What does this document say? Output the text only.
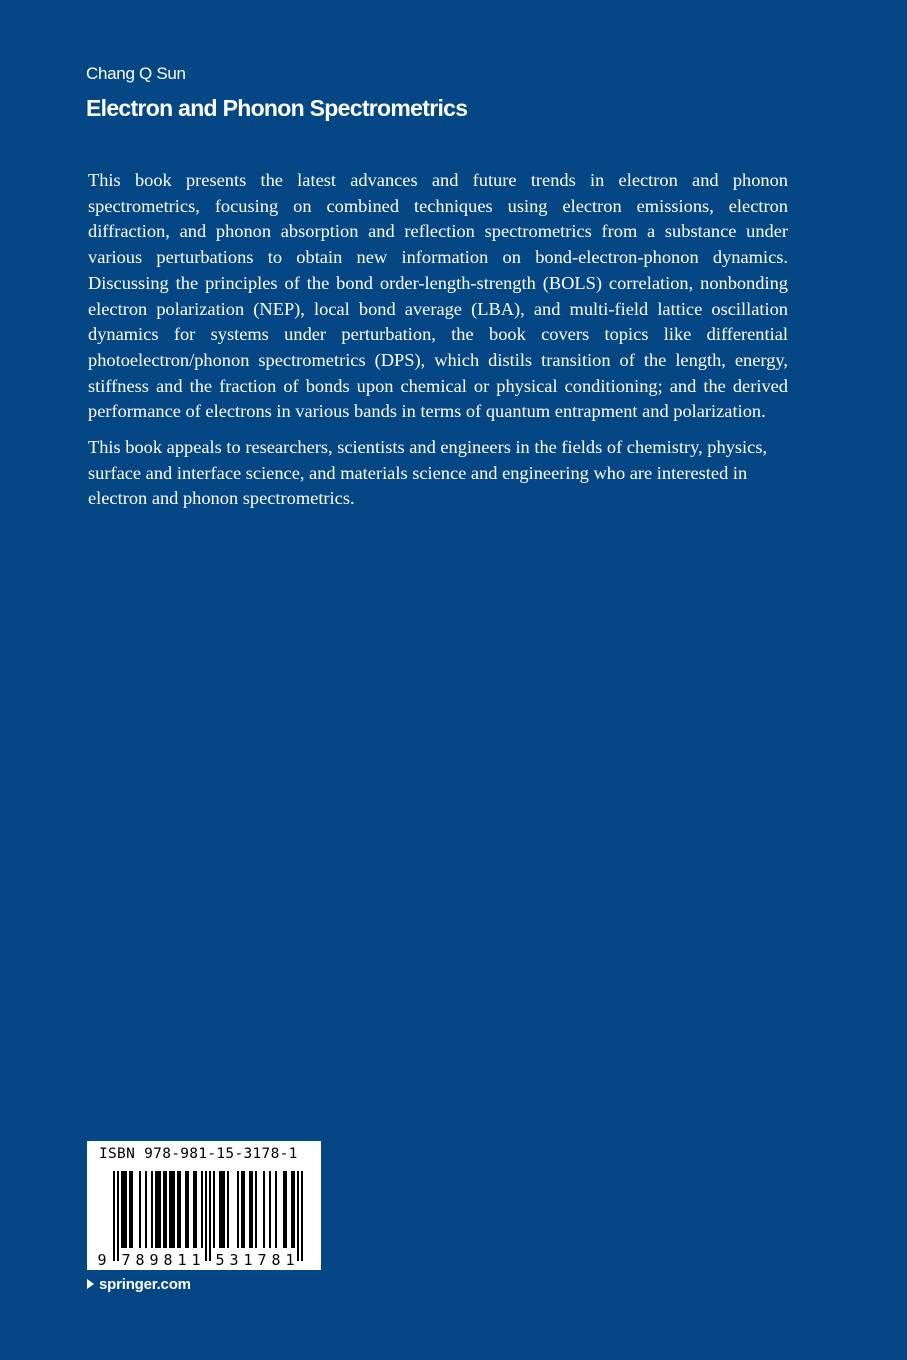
Chang Q Sun
Electron and Phonon Spectrometrics

This book presents the latest advances and future trends in electron and phonon spectrometrics, focusing on combined techniques using electron emissions, electron diffraction, and phonon absorption and reflection spectrometrics from a substance under various perturbations to obtain new information on bond-electron-phonon dynamics. Discussing the principles of the bond order-length-strength (BOLS) correlation, nonbonding electron polarization (NEP), local bond average (LBA), and multi-field lattice oscillation dynamics for systems under perturbation, the book covers topics like differential photoelectron/phonon spectrometrics (DPS), which distils transition of the length, energy, stiffness and the fraction of bonds upon chemical or physical conditioning; and the derived performance of electrons in various bands in terms of quantum entrapment and polarization.

This book appeals to researchers, scientists and engineers in the fields of chemistry, physics, surface and interface science, and materials science and engineering who are interested in electron and phonon spectrometrics.

ISBN 978-981-15-3178-1
9 7 8 9 8 1 1 5 3 1 7 8 1
springer.com
